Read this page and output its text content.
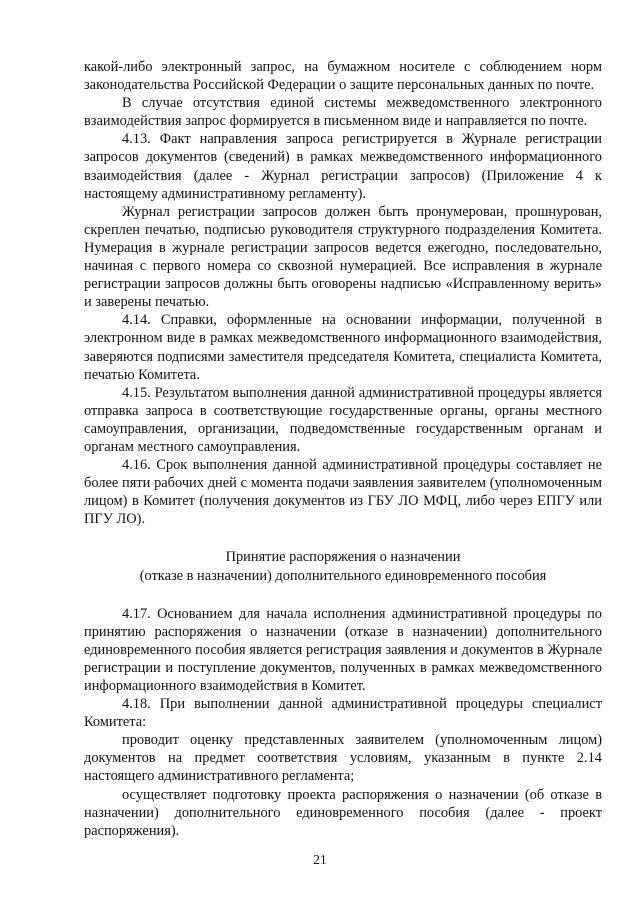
какой-либо электронный запрос, на бумажном носителе с соблюдением норм законодательства Российской Федерации о защите персональных данных по почте.

В случае отсутствия единой системы межведомственного электронного взаимодействия запрос формируется в письменном виде и направляется по почте.

4.13. Факт направления запроса регистрируется в Журнале регистрации запросов документов (сведений) в рамках межведомственного информационного взаимодействия (далее - Журнал регистрации запросов) (Приложение 4 к настоящему административному регламенту).

Журнал регистрации запросов должен быть пронумерован, прошнурован, скреплен печатью, подписью руководителя структурного подразделения Комитета. Нумерация в журнале регистрации запросов ведется ежегодно, последовательно, начиная с первого номера со сквозной нумерацией. Все исправления в журнале регистрации запросов должны быть оговорены надписью «Исправленному верить» и заверены печатью.

4.14. Справки, оформленные на основании информации, полученной в электронном виде в рамках межведомственного информационного взаимодействия, заверяются подписями заместителя председателя Комитета, специалиста Комитета, печатью Комитета.

4.15. Результатом выполнения данной административной процедуры является отправка запроса в соответствующие государственные органы, органы местного самоуправления, организации, подведомственные государственным органам и органам местного самоуправления.

4.16. Срок выполнения данной административной процедуры составляет не более пяти рабочих дней с момента подачи заявления заявителем (уполномоченным лицом) в Комитет (получения документов из ГБУ ЛО МФЦ, либо через ЕПГУ или ПГУ ЛО).

Принятие распоряжения о назначении

(отказе в назначении) дополнительного единовременного пособия

4.17. Основанием для начала исполнения административной процедуры по принятию распоряжения о назначении (отказе в назначении) дополнительного единовременного пособия является регистрация заявления и документов в Журнале регистрации и поступление документов, полученных в рамках межведомственного информационного взаимодействия в Комитет.

4.18. При выполнении данной административной процедуры специалист Комитета:

проводит оценку представленных заявителем (уполномоченным лицом) документов на предмет соответствия условиям, указанным в пункте 2.14 настоящего административного регламента;

осуществляет подготовку проекта распоряжения о назначении (об отказе в назначении) дополнительного единовременного пособия (далее - проект распоряжения).

21
